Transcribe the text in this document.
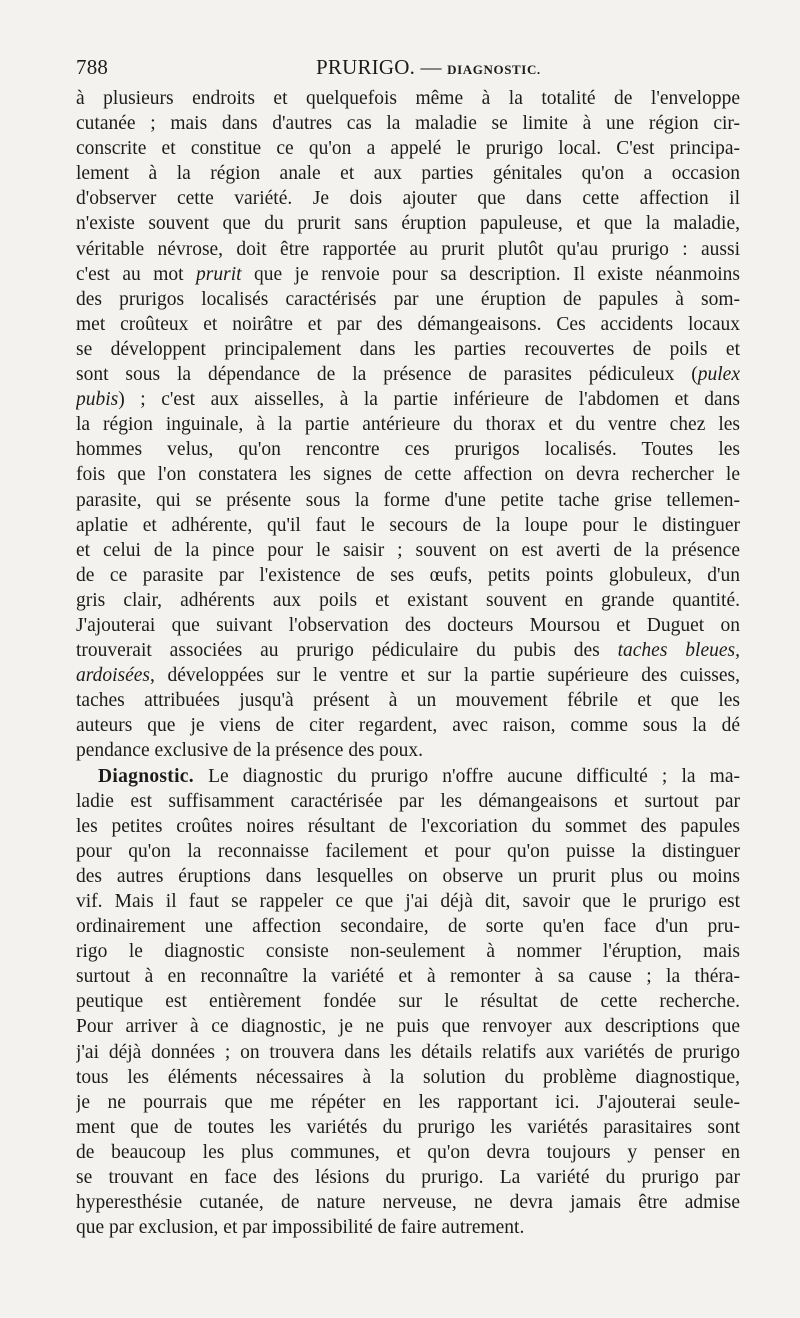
788	PRURIGO. — DIAGNOSTIC.
à plusieurs endroits et quelquefois même à la totalité de l'enveloppe
cutanée ; mais dans d'autres cas la maladie se limite à une région cir-
conscrite et constitue ce qu'on a appelé le prurigo local. C'est principa-
lement à la région anale et aux parties génitales qu'on a occasion
d'observer cette variété. Je dois ajouter que dans cette affection il
n'existe souvent que du prurit sans éruption papuleuse, et que la maladie,
véritable névrose, doit être rapportée au prurit plutôt qu'au prurigo : aussi
c'est au mot prurit que je renvoie pour sa description. Il existe néanmoins
des prurigos localisés caractérisés par une éruption de papules à som-
met croûteux et noirâtre et par des démangeaisons. Ces accidents locaux
se développent principalement dans les parties recouvertes de poils et
sont sous la dépendance de la présence de parasites pédiculeux (pulex
pubis) ; c'est aux aisselles, à la partie inférieure de l'abdomen et dans
la région inguinale, à la partie antérieure du thorax et du ventre chez les
hommes velus, qu'on rencontre ces prurigos localisés. Toutes les
fois que l'on constatera les signes de cette affection on devra rechercher le
parasite, qui se présente sous la forme d'une petite tache grise tellemen-
aplatie et adhérente, qu'il faut le secours de la loupe pour le distinguer
et celui de la pince pour le saisir ; souvent on est averti de la présence
de ce parasite par l'existence de ses œufs, petits points globuleux, d'un
gris clair, adhérents aux poils et existant souvent en grande quantité.
J'ajouterai que suivant l'observation des docteurs Moursou et Duguet on
trouverait associées au prurigo pédiculaire du pubis des taches bleues,
ardoisées, développées sur le ventre et sur la partie supérieure des cuisses,
taches attribuées jusqu'à présent à un mouvement fébrile et que les
auteurs que je viens de citer regardent, avec raison, comme sous la dé
pendance exclusive de la présence des poux.
Diagnostic. Le diagnostic du prurigo n'offre aucune difficulté ; la ma-
ladie est suffisamment caractérisée par les démangeaisons et surtout par
les petites croûtes noires résultant de l'excoriation du sommet des papules
pour qu'on la reconnaisse facilement et pour qu'on puisse la distinguer
des autres éruptions dans lesquelles on observe un prurit plus ou moins
vif. Mais il faut se rappeler ce que j'ai déjà dit, savoir que le prurigo est
ordinairement une affection secondaire, de sorte qu'en face d'un pru-
rigo le diagnostic consiste non-seulement à nommer l'éruption, mais
surtout à en reconnaître la variété et à remonter à sa cause ; la théra-
peutique est entièrement fondée sur le résultat de cette recherche.
Pour arriver à ce diagnostic, je ne puis que renvoyer aux descriptions que
j'ai déjà données ; on trouvera dans les détails relatifs aux variétés de prurigo
tous les éléments nécessaires à la solution du problème diagnostique,
je ne pourrais que me répéter en les rapportant ici. J'ajouterai seule-
ment que de toutes les variétés du prurigo les variétés parasitaires sont
de beaucoup les plus communes, et qu'on devra toujours y penser en
se trouvant en face des lésions du prurigo. La variété du prurigo par
hyperesthésie cutanée, de nature nerveuse, ne devra jamais être admise
que par exclusion, et par impossibilité de faire autrement.
